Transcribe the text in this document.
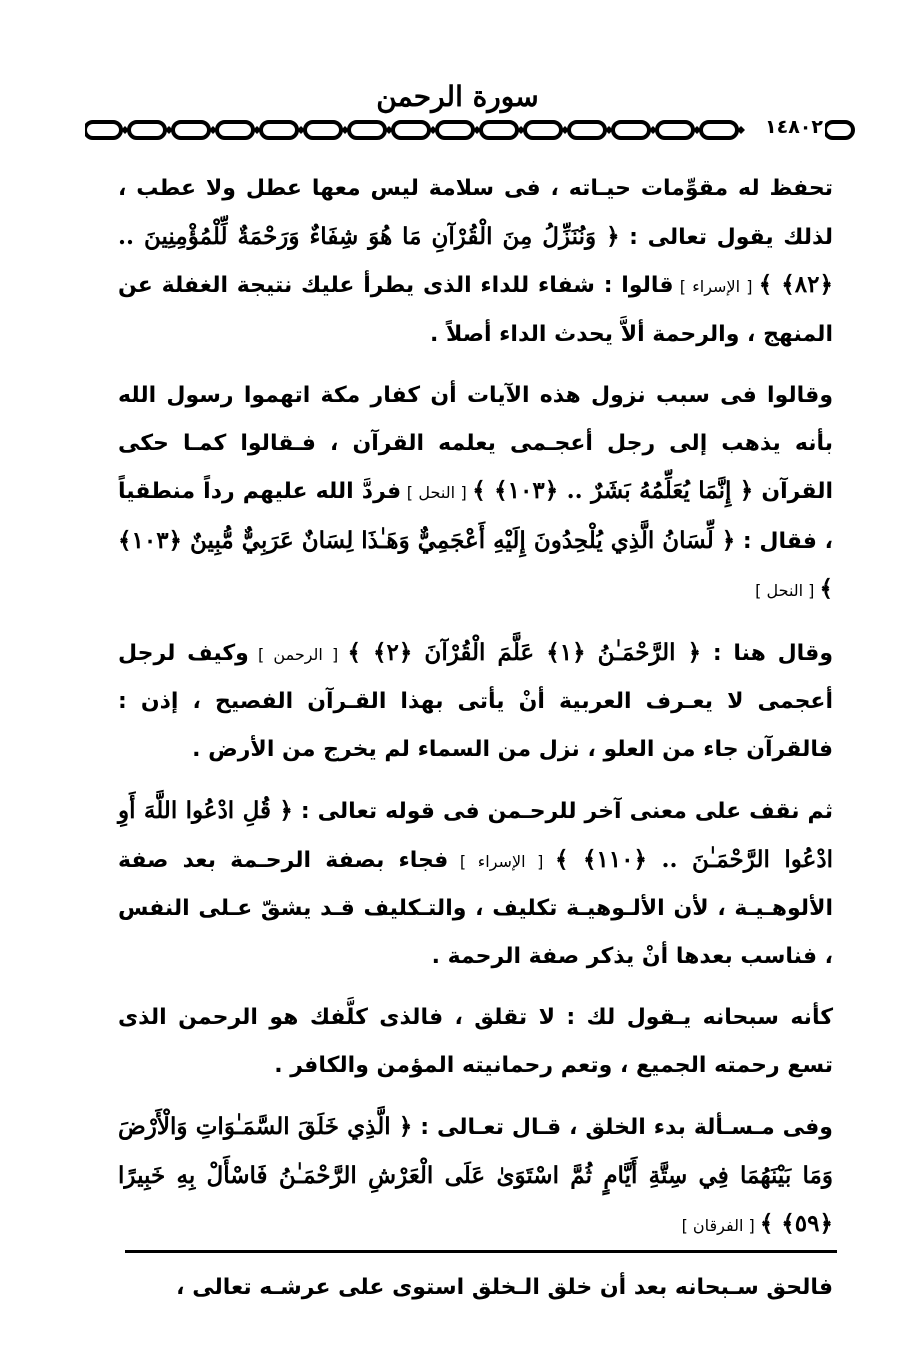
سورة الرحمن
١٤٨٠٢

تحفظ له مقوِّمات حيـاته ، فى سلامة ليس معها عطل ولا عطب ، لذلك يقول تعالى : ﴿ وَنُنَزِّلُ مِنَ الْقُرْآنِ مَا هُوَ شِفَاءٌ وَرَحْمَةٌ لِّلْمُؤْمِنِينَ .. ﴿٨٢﴾ ﴾ [ الإسراء ] قالوا : شفاء للداء الذى يطرأ عليك نتيجة الغفلة عن المنهج ، والرحمة ألاَّ يحدث الداء أصلاً .

وقالوا فى سبب نزول هذه الآيات أن كفار مكة اتهموا رسول الله بأنه يذهب إلى رجل أعجـمى يعلمه القرآن ، فـقالوا كمـا حكى القرآن ﴿ إِنَّمَا يُعَلِّمُهُ بَشَرٌ .. ﴿١٠٣﴾ ﴾ [ النحل ] فردَّ الله عليهم رداً منطقياً ، فقال : ﴿ لِّسَانُ الَّذِي يُلْحِدُونَ إِلَيْهِ أَعْجَمِيٌّ وَهَـٰذَا لِسَانٌ عَرَبِيٌّ مُّبِينٌ ﴿١٠٣﴾ ﴾ [ النحل ]

وقال هنا : ﴿ الرَّحْمَـٰنُ ﴿١﴾ عَلَّمَ الْقُرْآنَ ﴿٢﴾ ﴾ [ الرحمن ] وكيف لرجل أعجمى لا يعـرف العربية أنْ يأتى بهذا القـرآن الفصيح ، إذن : فالقرآن جاء من العلو ، نزل من السماء لم يخرج من الأرض .

ثم نقف على معنى آخر للرحـمن فى قوله تعالى : ﴿ قُلِ ادْعُوا اللَّهَ أَوِ ادْعُوا الرَّحْمَـٰنَ .. ﴿١١٠﴾ ﴾ [ الإسراء ] فجاء بصفة الرحـمة بعد صفة الألوهـيـة ، لأن الألـوهيـة تكليف ، والتـكليف قـد يشقّ عـلى النفس ، فناسب بعدها أنْ يذكر صفة الرحمة .

كأنه سبحانه يـقول لك : لا تقلق ، فالذى كلَّفك هو الرحمن الذى تسع رحمته الجميع ، وتعم رحمانيته المؤمن والكافر .

وفى مـسـألة بدء الخلق ، قـال تعـالى : ﴿ الَّذِي خَلَقَ السَّمَـٰوَاتِ وَالْأَرْضَ وَمَا بَيْنَهُمَا فِي سِتَّةِ أَيَّامٍ ثُمَّ اسْتَوَىٰ عَلَى الْعَرْشِ الرَّحْمَـٰنُ فَاسْأَلْ بِهِ خَبِيرًا ﴿٥٩﴾ ﴾ [ الفرقان ]

فالحق سـبحانه بعد أن خلق الـخلق استوى على عرشـه تعالى ،
